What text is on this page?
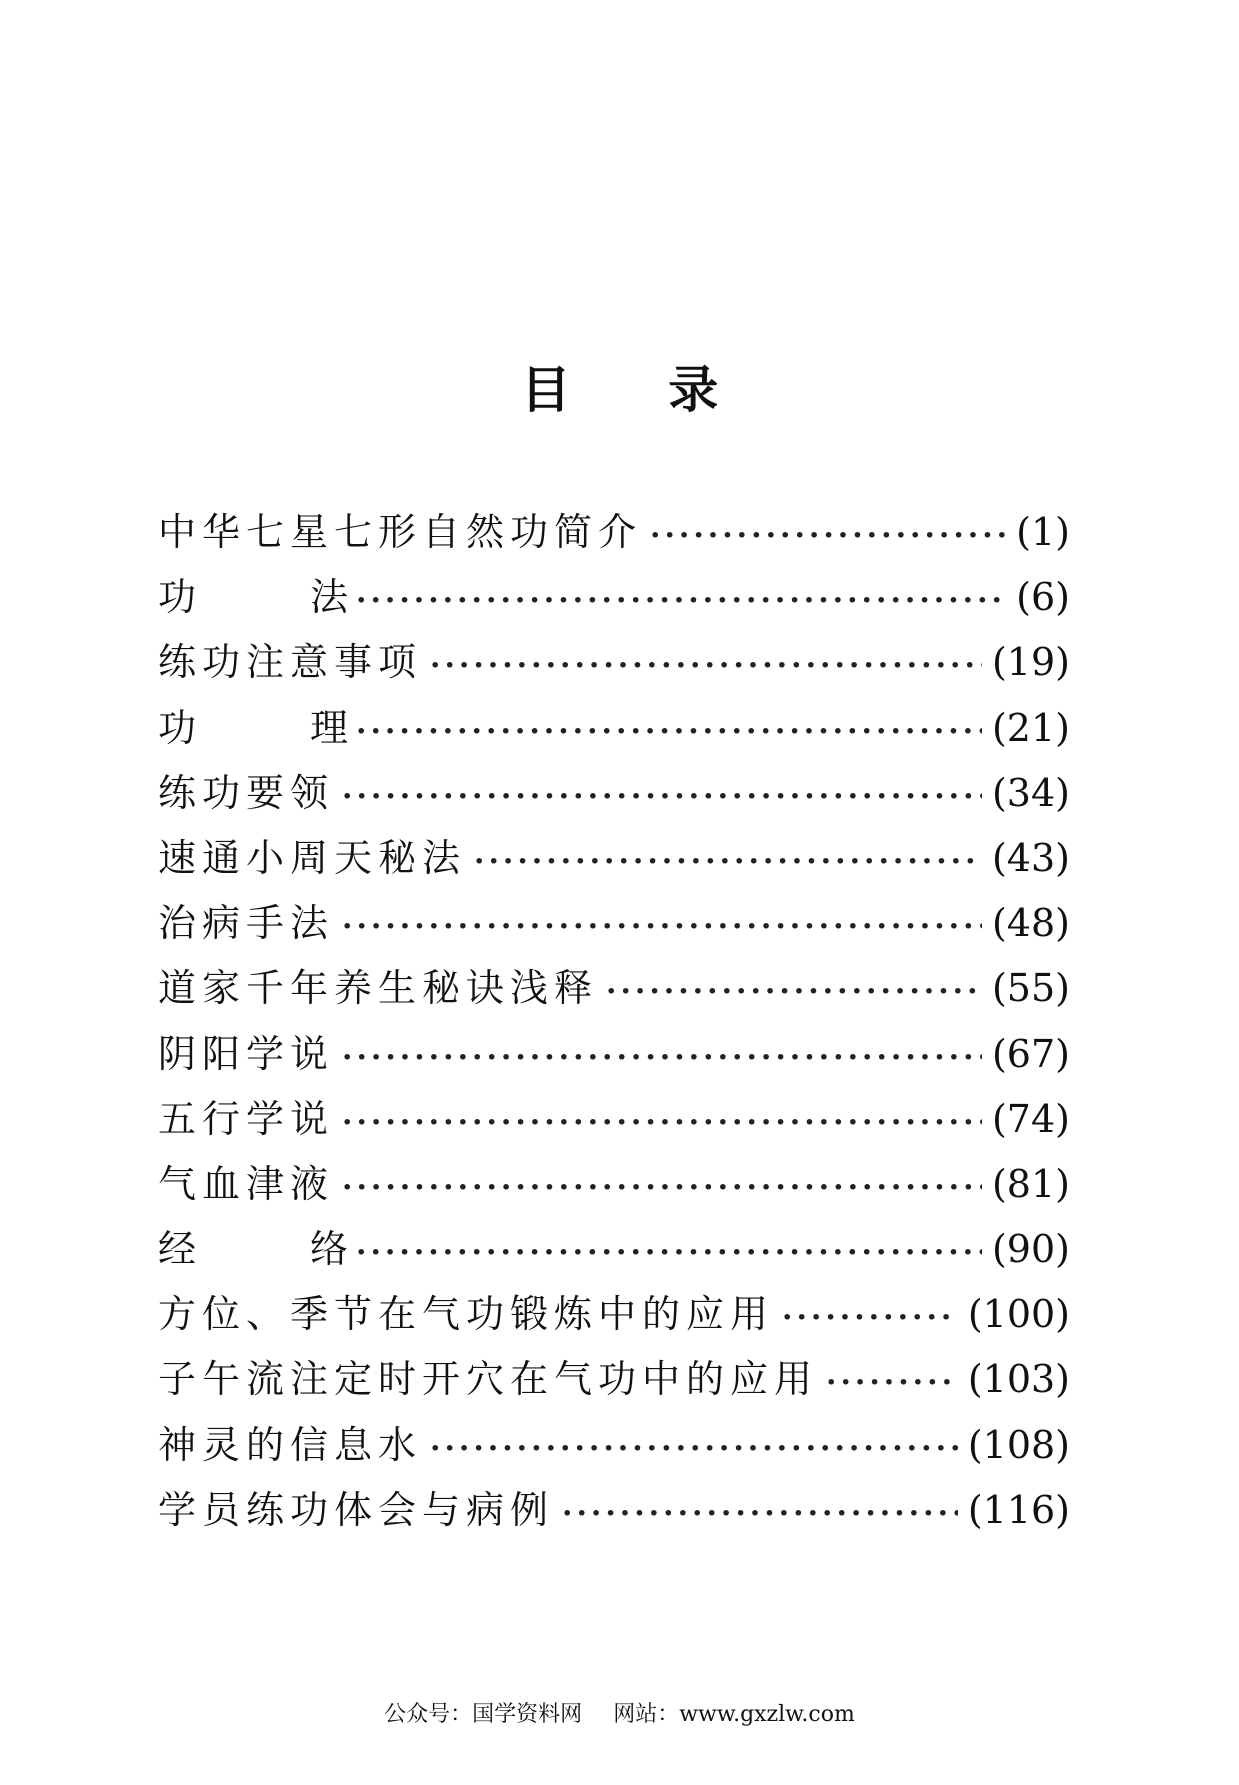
目 录
中华七星七形自然功简介 ·····	(1)
功	法 ·····	(6)
练功注意事项 ·····	(19)
功	理 ·····	(21)
练功要领 ·····	(34)
速通小周天秘法 ·····	(43)
治病手法 ·····	(48)
道家千年养生秘诀浅释 ·····	(55)
阴阳学说 ·····	(67)
五行学说 ·····	(74)
气血津液 ·····	(81)
经	络 ·····	(90)
方位、季节在气功锻炼中的应用 ·····	(100)
子午流注定时开穴在气功中的应用 ·····	(103)
神灵的信息水 ·····	(108)
学员练功体会与病例 ·····	(116)
公众号：国学资料网 网站：www.gxzlw.com
